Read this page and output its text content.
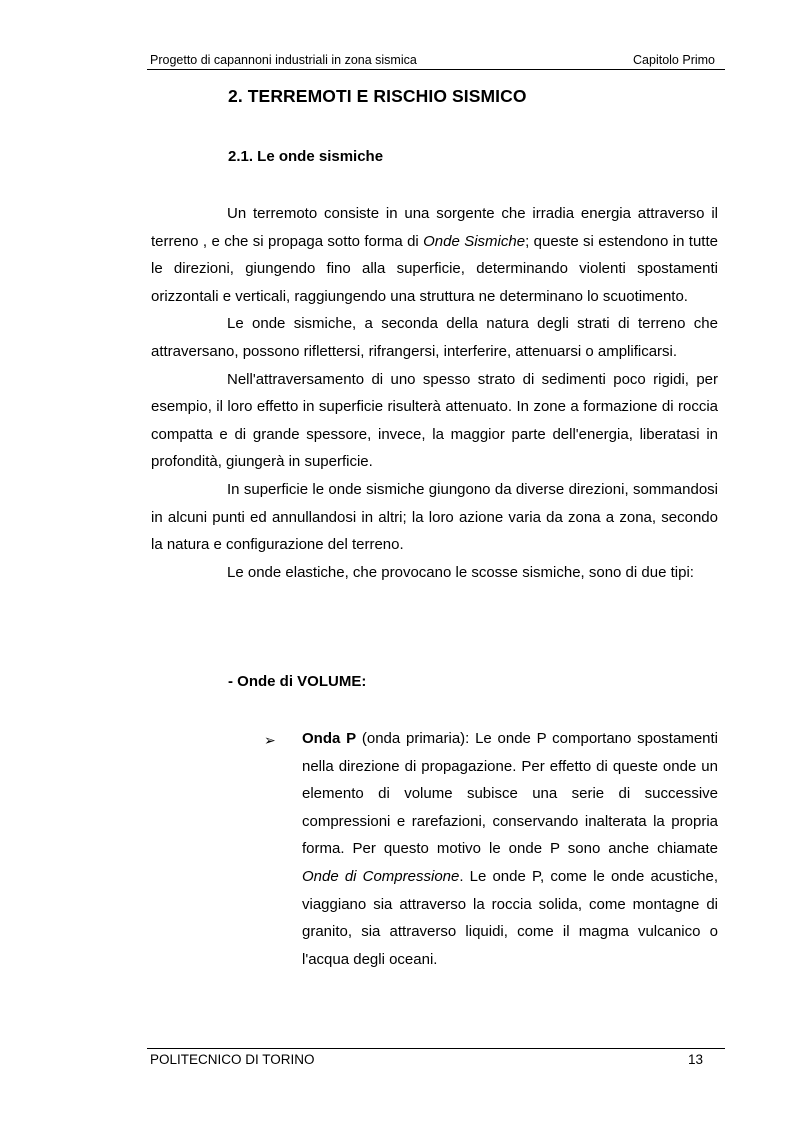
Progetto di capannoni industriali in zona sismica	Capitolo Primo
2. TERREMOTI E RISCHIO SISMICO
2.1. Le onde sismiche

Un terremoto consiste in una sorgente che irradia energia attraverso il terreno , e che si propaga sotto forma di Onde Sismiche; queste si estendono in tutte le direzioni, giungendo fino alla superficie, determinando violenti spostamenti orizzontali e verticali, raggiungendo una struttura ne determinano lo scuotimento.

Le onde sismiche, a seconda della natura degli strati di terreno che attraversano, possono riflettersi, rifrangersi, interferire, attenuarsi o amplificarsi.

Nell'attraversamento di uno spesso strato di sedimenti poco rigidi, per esempio, il loro effetto in superficie risulterà attenuato. In zone a formazione di roccia compatta e di grande spessore, invece, la maggior parte dell'energia, liberatasi in profondità, giungerà in superficie.

In superficie le onde sismiche giungono da diverse direzioni, sommandosi in alcuni punti ed annullandosi in altri; la loro azione varia da zona a zona, secondo la natura e configurazione del terreno.

Le onde elastiche, che provocano le scosse sismiche, sono di due tipi:

- Onde di VOLUME:
➢ Onda P (onda primaria): Le onde P comportano spostamenti nella direzione di propagazione. Per effetto di queste onde un elemento di volume subisce una serie di successive compressioni e rarefazioni, conservando inalterata la propria forma. Per questo motivo le onde P sono anche chiamate Onde di Compressione. Le onde P, come le onde acustiche, viaggiano sia attraverso la roccia solida, come montagne di granito, sia attraverso liquidi, come il magma vulcanico o l'acqua degli oceani.
POLITECNICO DI TORINO	13
